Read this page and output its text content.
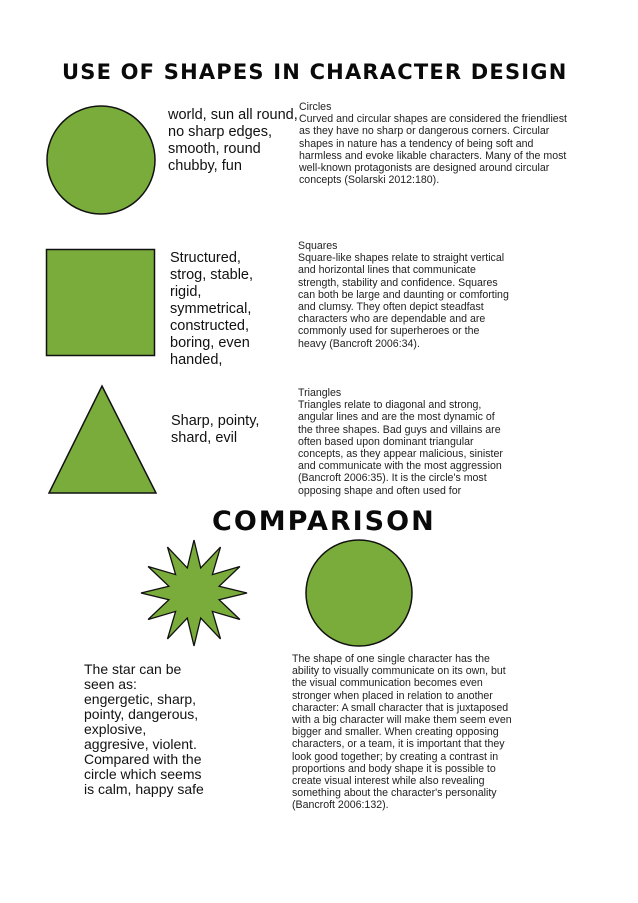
USE OF SHAPES IN CHARACTER DESIGN
world, sun all round,
no sharp edges,
smooth, round
chubby, fun
Circles
Curved and circular shapes are considered the friendliest
as they have no sharp or dangerous corners. Circular
shapes in nature has a tendency of being soft and
harmless and evoke likable characters. Many of the most
well-known protagonists are designed around circular
concepts (Solarski 2012:180).
Structured,
strog, stable,
rigid,
symmetrical,
constructed,
boring, even
handed,
Squares
Square-like shapes relate to straight vertical
and horizontal lines that communicate
strength, stability and confidence. Squares
can both be large and daunting or comforting
and clumsy. They often depict steadfast
characters who are dependable and are
commonly used for superheroes or the
heavy (Bancroft 2006:34).
Sharp, pointy,
shard, evil
Triangles
Triangles relate to diagonal and strong,
angular lines and are the most dynamic of
the three shapes. Bad guys and villains are
often based upon dominant triangular
concepts, as they appear malicious, sinister
and communicate with the most aggression
(Bancroft 2006:35). It is the circle's most
opposing shape and often used for
COMPARISON
The star can be
seen as:
engergetic, sharp,
pointy, dangerous,
explosive,
aggresive, violent.
Compared with the
circle which seems
is calm, happy safe
The shape of one single character has the
ability to visually communicate on its own, but
the visual communication becomes even
stronger when placed in relation to another
character: A small character that is juxtaposed
with a big character will make them seem even
bigger and smaller. When creating opposing
characters, or a team, it is important that they
look good together; by creating a contrast in
proportions and body shape it is possible to
create visual interest while also revealing
something about the character's personality
(Bancroft 2006:132).
